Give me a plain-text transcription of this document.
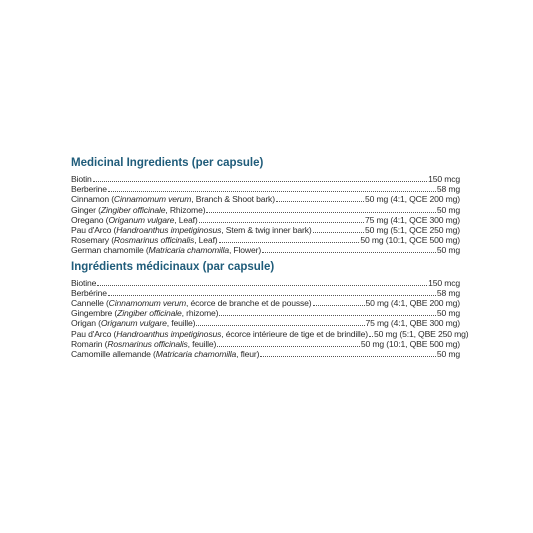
Medicinal Ingredients (per capsule)
Biotin	150 mcg
Berberine	58 mg
Cinnamon (Cinnamomum verum, Branch & Shoot bark)	50 mg (4:1, QCE 200 mg)
Ginger (Zingiber officinale, Rhizome)	50 mg
Oregano (Origanum vulgare, Leaf)	75 mg (4:1, QCE 300 mg)
Pau d'Arco (Handroanthus impetiginosus, Stem & twig inner bark)	50 mg (5:1, QCE 250 mg)
Rosemary (Rosmarinus officinalis, Leaf)	50 mg (10:1, QCE 500 mg)
German chamomile (Matricaria chamomilla, Flower)	50 mg
Ingrédients médicinaux (par capsule)
Biotine	150 mcg
Berbérine	58 mg
Cannelle (Cinnamomum verum, écorce de branche et de pousse)	50 mg (4:1, QBE 200 mg)
Gingembre (Zingiber officinale, rhizome)	50 mg
Origan (Origanum vulgare, feuille)	75 mg (4:1, QBE 300 mg)
Pau d'Arco (Handroanthus impetiginosus, écorce intérieure de tige et de brindille) 50 mg (5:1, QBE 250 mg)
Romarin (Rosmarinus officinalis, feuille)	50 mg (10:1, QBE 500 mg)
Camomille allemande (Matricaria chamomilla, fleur)	50 mg
